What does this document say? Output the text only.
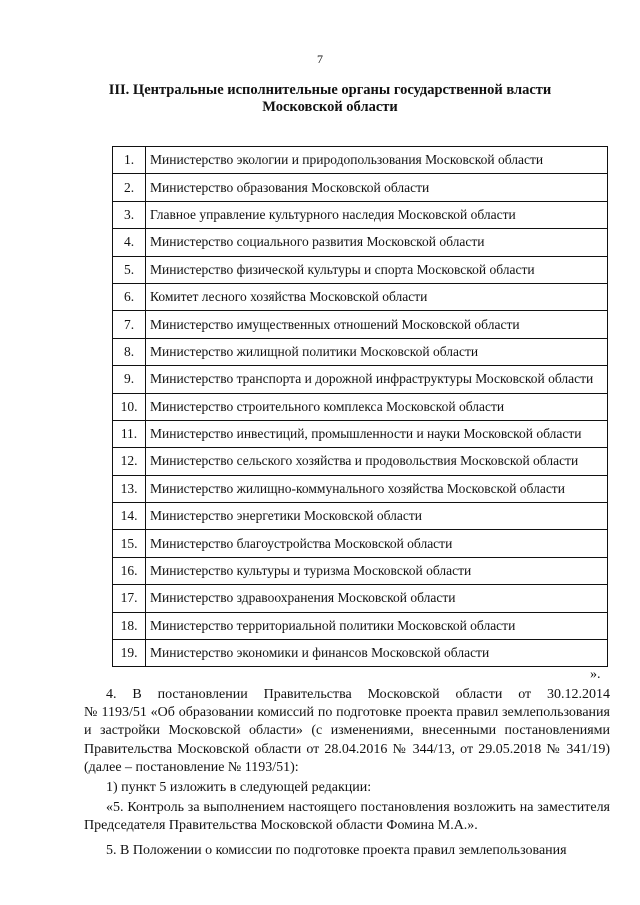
7
III. Центральные исполнительные органы государственной власти
Московской области
1.	Министерство экологии и природопользования Московской области
2.	Министерство образования Московской области
3.	Главное управление культурного наследия Московской области
4.	Министерство социального развития Московской области
5.	Министерство физической культуры и спорта Московской области
6.	Комитет лесного хозяйства Московской области
7.	Министерство имущественных отношений Московской области
8.	Министерство жилищной политики Московской области
9.	Министерство транспорта и дорожной инфраструктуры Московской области
10.	Министерство строительного комплекса Московской области
11.	Министерство инвестиций, промышленности и науки Московской области
12.	Министерство сельского хозяйства и продовольствия Московской области
13.	Министерство жилищно-коммунального хозяйства Московской области
14.	Министерство энергетики Московской области
15.	Министерство благоустройства Московской области
16.	Министерство культуры и туризма Московской области
17.	Министерство здравоохранения Московской области
18.	Министерство территориальной политики Московской области
19.	Министерство экономики и финансов Московской области
».

4. В постановлении Правительства Московской области от 30.12.2014

№ 1193/51 «Об образовании комиссий по подготовке проекта правил землепользования и застройки Московской области» (с изменениями, внесенными постановлениями Правительства Московской области от 28.04.2016 № 344/13, от 29.05.2018 № 341/19) (далее – постановление № 1193/51):

1) пункт 5 изложить в следующей редакции:

«5. Контроль за выполнением настоящего постановления возложить на заместителя Председателя Правительства Московской области Фомина М.А.».

5. В Положении о комиссии по подготовке проекта правил землепользования
